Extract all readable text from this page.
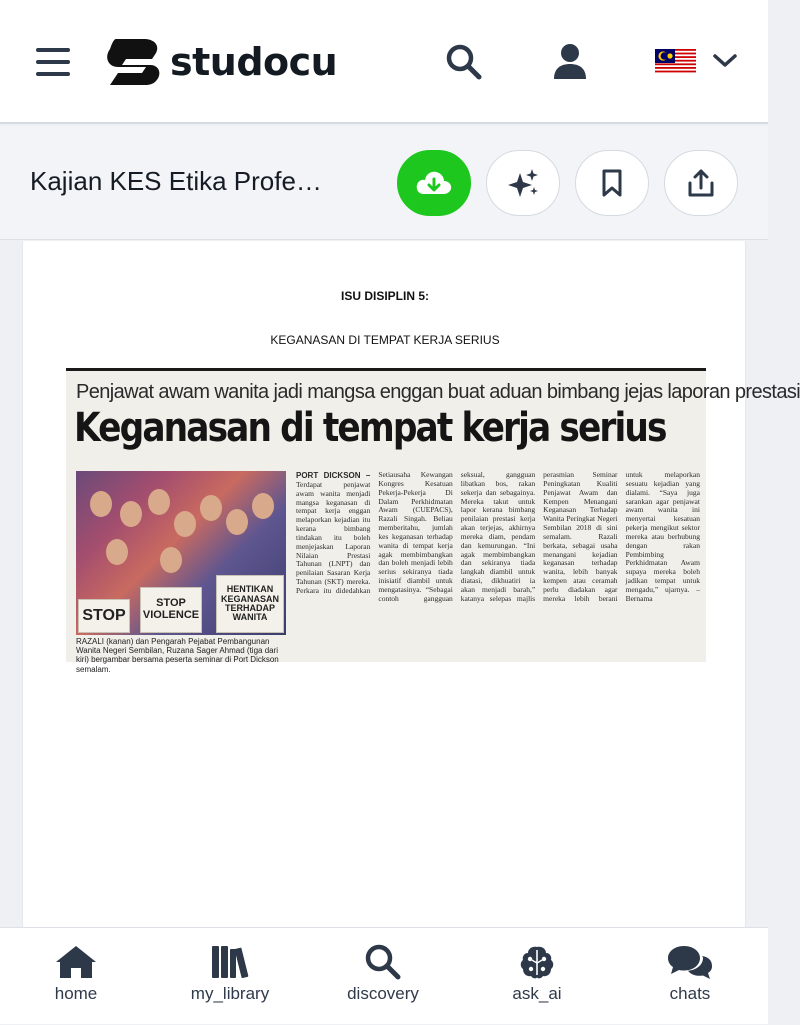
studocu
Kajian KES Etika Profe…
ISU DISIPLIN 5:
KEGANASAN DI TEMPAT KERJA SERIUS
Penjawat awam wanita jadi mangsa enggan buat aduan bimbang jejas laporan prestasi
Keganasan di tempat kerja serius
STOP
STOP VIOLENCE
HENTIKAN KEGANASAN TERHADAP WANITA
RAZALI (kanan) dan Pengarah Pejabat Pembangunan Wanita Negeri Sembilan, Ruzana Sager Ahmad (tiga dari kiri) bergambar bersama peserta seminar di Port Dickson semalam.
PORT DICKSON – Terdapat penjawat awam wanita menjadi mangsa keganasan di tempat kerja enggan melaporkan kejadian itu kerana bimbang tindakan itu boleh menjejaskan Laporan Nilaian Prestasi Tahunan (LNPT) dan penilaian Sasaran Kerja Tahunan (SKT) mereka. Perkara itu didedahkan Setiausaha Kewangan Kongres Kesatuan Pekerja-Pekerja Di Dalam Perkhidmatan Awam (CUEPACS), Razali Singah. Beliau memberitahu, jumlah kes keganasan terhadap wanita di tempat kerja agak membimbangkan dan boleh menjadi lebih serius sekiranya tiada inisiatif diambil untuk mengatasinya. “Sebagai contoh gangguan seksual, gangguan libatkan bos, rakan sekerja dan sebagainya. Mereka takut untuk lapor kerana bimbang penilaian prestasi kerja akan terjejas, akhirnya mereka diam, pendam dan kemurungan. “Ini agak membimbangkan dan sekiranya tiada langkah diambil untuk diatasi, dikhuatiri ia akan menjadi barah,” katanya selepas majlis perasmian Seminar Peningkatan Kualiti Penjawat Awam dan Kempen Menangani Keganasan Terhadap Wanita Peringkat Negeri Sembilan 2018 di sini semalam. Razali berkata, sebagai usaha menangani kejadian keganasan terhadap wanita, lebih banyak kempen atau ceramah perlu diadakan agar mereka lebih berani untuk melaporkan sesuatu kejadian yang dialami. “Saya juga sarankan agar penjawat awam wanita ini menyertai kesatuan pekerja mengikut sektor mereka atau berhubung dengan rakan Pembimbing Perkhidmatan Awam supaya mereka boleh jadikan tempat untuk mengadu,” ujarnya. – Bernama
home	my_library	discovery	ask_ai	chats
